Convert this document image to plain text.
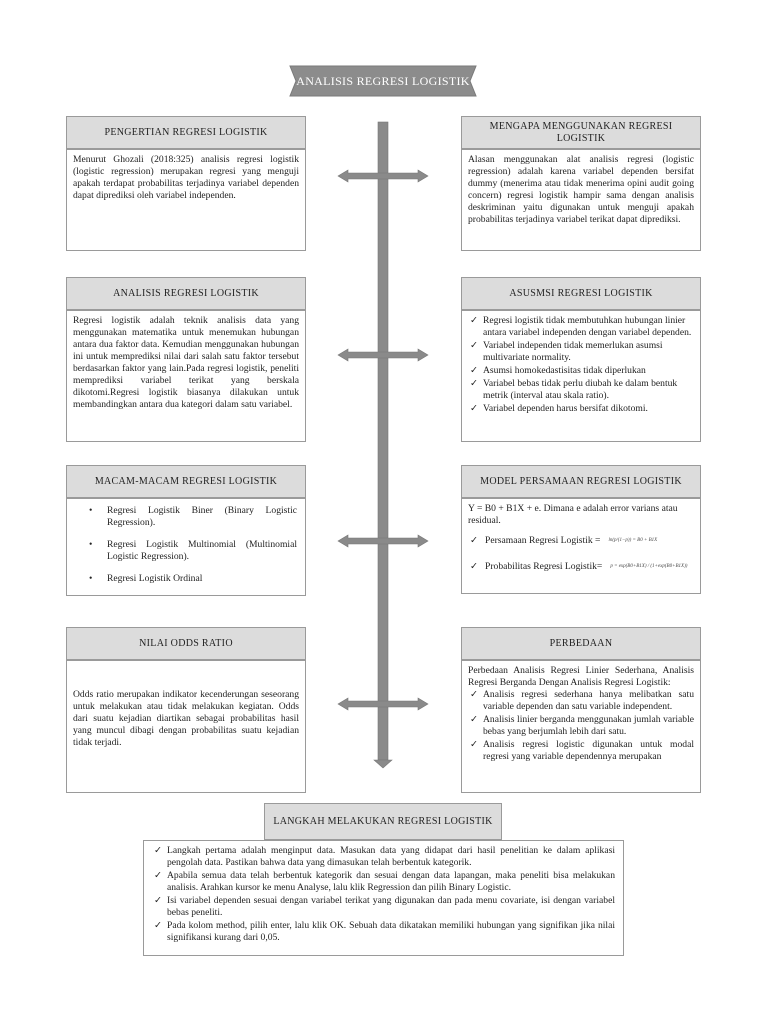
ANALISIS REGRESI LOGISTIK
PENGERTIAN REGRESI LOGISTIK
Menurut Ghozali (2018:325) analisis regresi logistik (logistic regression) merupakan regresi yang menguji apakah terdapat probabilitas terjadinya variabel dependen dapat diprediksi oleh variabel independen.
MENGAPA MENGGUNAKAN REGRESI LOGISTIK
Alasan menggunakan alat analisis regresi (logistic regression) adalah karena variabel dependen bersifat dummy (menerima atau tidak menerima opini audit going concern) regresi logistik hampir sama dengan analisis deskriminan yaitu digunakan untuk menguji apakah probabilitas terjadinya variabel terikat dapat diprediksi.
ANALISIS REGRESI LOGISTIK
Regresi logistik adalah teknik analisis data yang menggunakan matematika untuk menemukan hubungan antara dua faktor data. Kemudian menggunakan hubungan ini untuk memprediksi nilai dari salah satu faktor tersebut berdasarkan faktor yang lain.Pada regresi logistik, peneliti memprediksi variabel terikat yang berskala dikotomi.Regresi logistik biasanya dilakukan untuk membandingkan antara dua kategori dalam satu variabel.
ASUSMSI REGRESI LOGISTIK
✓ Regresi logistik tidak membutuhkan hubungan linier antara variabel independen dengan variabel dependen.
✓ Variabel independen tidak memerlukan asumsi multivariate normality.
✓ Asumsi homokedastisitas tidak diperlukan
✓ Variabel bebas tidak perlu diubah ke dalam bentuk metrik (interval atau skala ratio).
✓ Variabel dependen harus bersifat dikotomi.
MACAM-MACAM REGRESI LOGISTIK
• Regresi Logistik Biner (Binary Logistic Regression).
• Regresi Logistik Multinomial (Multinomial Logistic Regression).
• Regresi Logistik Ordinal
MODEL PERSAMAAN REGRESI LOGISTIK
Y = B0 + B1X + e. Dimana e adalah error varians atau residual.
✓ Persamaan Regresi Logistik = ln(p/(1−p)) = B0 + B1X
✓ Probabilitas Regresi Logistik= p = exp(B0+B1X) / (1+exp(B0+B1X))
NILAI ODDS RATIO
Odds ratio merupakan indikator kecenderungan seseorang untuk melakukan atau tidak melakukan kegiatan. Odds dari suatu kejadian diartikan sebagai probabilitas hasil yang muncul dibagi dengan probabilitas suatu kejadian tidak terjadi.
PERBEDAAN
Perbedaan Analisis Regresi Linier Sederhana, Analisis Regresi Berganda Dengan Analisis Regresi Logistik:
✓ Analisis regresi sederhana hanya melibatkan satu variable dependen dan satu variable independent.
✓ Analisis linier berganda menggunakan jumlah variable bebas yang berjumlah lebih dari satu.
✓ Analisis regresi logistic digunakan untuk modal regresi yang variable dependennya merupakan
LANGKAH MELAKUKAN REGRESI LOGISTIK
✓ Langkah pertama adalah menginput data. Masukan data yang didapat dari hasil penelitian ke dalam aplikasi pengolah data. Pastikan bahwa data yang dimasukan telah berbentuk kategorik.
✓ Apabila semua data telah berbentuk kategorik dan sesuai dengan data lapangan, maka peneliti bisa melakukan analisis. Arahkan kursor ke menu Analyse, lalu klik Regression dan pilih Binary Logistic.
✓ Isi variabel dependen sesuai dengan variabel terikat yang digunakan dan pada menu covariate, isi dengan variabel bebas peneliti.
✓ Pada kolom method, pilih enter, lalu klik OK. Sebuah data dikatakan memiliki hubungan yang signifikan jika nilai signifikansi kurang dari 0,05.
